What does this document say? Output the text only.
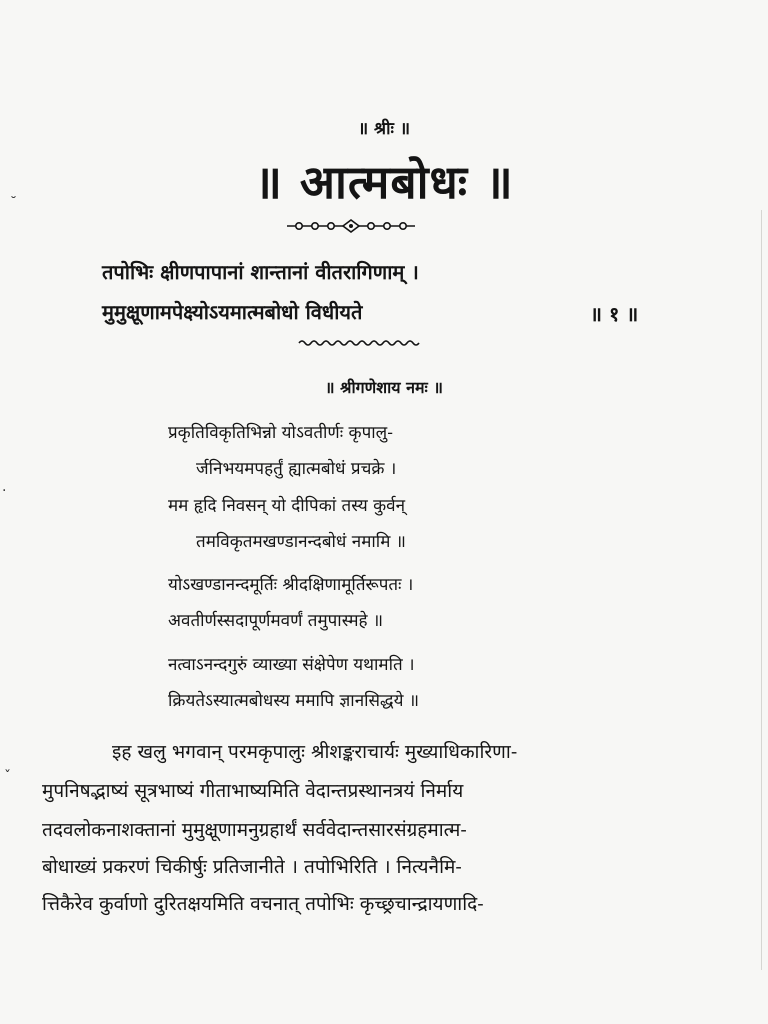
˘
·
ˇ
॥ श्रीः ॥
॥ आत्मबोधः ॥
तपोभिः क्षीणपापानां शान्तानां वीतरागिणाम् ।
मुमुक्षूणामपेक्ष्योऽयमात्मबोधो विधीयते	॥ १ ॥
॥ श्रीगणेशाय नमः ॥
प्रकृतिविकृतिभिन्नो योऽवतीर्णः कृपालु-
र्जनिभयमपहर्तुं ह्यात्मबोधं प्रचक्रे ।
मम हृदि निवसन् यो दीपिकां तस्य कुर्वन्
तमविकृतमखण्डानन्दबोधं नमामि ॥
योऽखण्डानन्दमूर्तिः श्रीदक्षिणामूर्तिरूपतः ।
अवतीर्णस्सदापूर्णमवर्णं तमुपास्महे ॥
नत्वाऽनन्दगुरुं व्याख्या संक्षेपेण यथामति ।
क्रियतेऽस्यात्मबोधस्य ममापि ज्ञानसिद्धये ॥
इह खलु भगवान् परमकृपालुः श्रीशङ्कराचार्यः मुख्याधिकारिणा-
मुपनिषद्भाष्यं सूत्रभाष्यं गीताभाष्यमिति वेदान्तप्रस्थानत्रयं निर्माय
तदवलोकनाशक्तानां मुमुक्षूणामनुग्रहार्थं सर्ववेदान्तसारसंग्रहमात्म-
बोधाख्यं प्रकरणं चिकीर्षुः प्रतिजानीते । तपोभिरिति । नित्यनैमि-
त्तिकैरेव कुर्वाणो दुरितक्षयमिति वचनात् तपोभिः कृच्छ्रचान्द्रायणादि-
